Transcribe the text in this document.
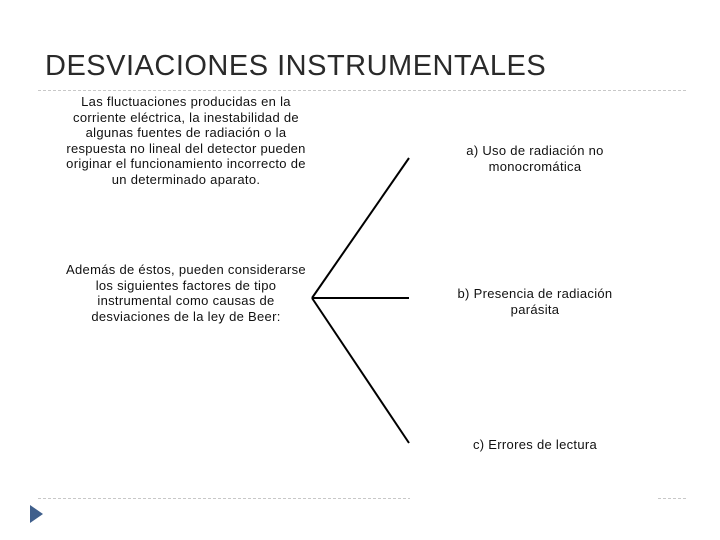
DESVIACIONES INSTRUMENTALES
Las fluctuaciones producidas en la corriente eléctrica, la inestabilidad de algunas fuentes de radiación o la respuesta no lineal del detector pueden originar el funcionamiento incorrecto de un determinado aparato.
Además de éstos, pueden considerarse los siguientes factores de tipo instrumental como causas de desviaciones de la ley de Beer:
a) Uso de radiación no monocromática
b) Presencia de radiación parásita
c) Errores de lectura
